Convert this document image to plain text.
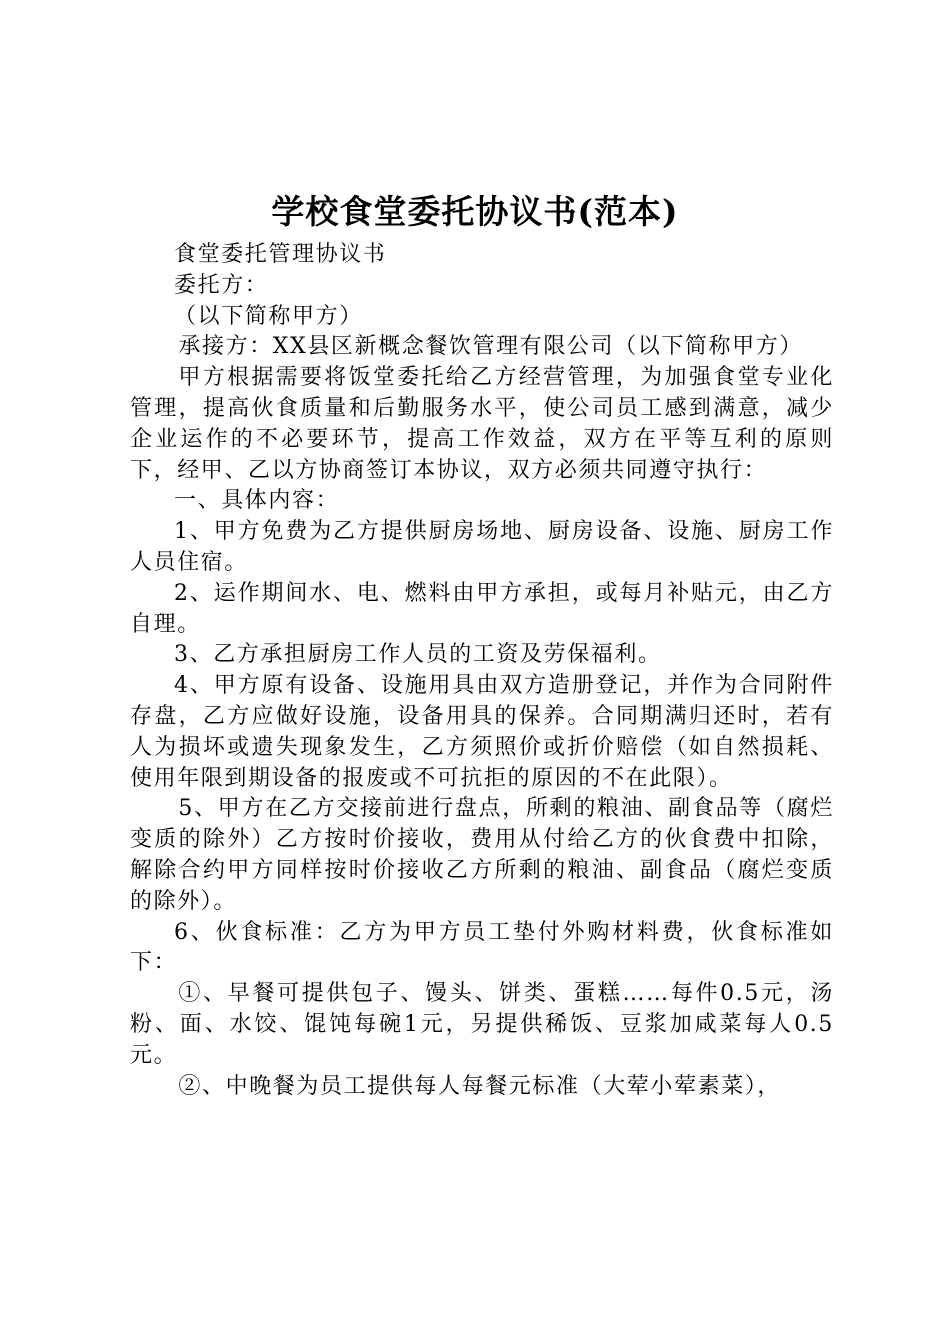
学校食堂委托协议书(范本)

食堂委托管理协议书

委托方：

（以下简称甲方）

承接方：XX县区新概念餐饮管理有限公司（以下简称甲方）

甲方根据需要将饭堂委托给乙方经营管理，为加强食堂专业化管理，提高伙食质量和后勤服务水平，使公司员工感到满意，减少企业运作的不必要环节，提高工作效益，双方在平等互利的原则下，经甲、乙以方协商签订本协议，双方必须共同遵守执行：

一、具体内容：

1、甲方免费为乙方提供厨房场地、厨房设备、设施、厨房工作人员住宿。

2、运作期间水、电、燃料由甲方承担，或每月补贴元，由乙方自理。

3、乙方承担厨房工作人员的工资及劳保福利。

4、甲方原有设备、设施用具由双方造册登记，并作为合同附件存盘，乙方应做好设施，设备用具的保养。合同期满归还时，若有人为损坏或遗失现象发生，乙方须照价或折价赔偿（如自然损耗、使用年限到期设备的报废或不可抗拒的原因的不在此限）。

5、甲方在乙方交接前进行盘点，所剩的粮油、副食品等（腐烂变质的除外）乙方按时价接收，费用从付给乙方的伙食费中扣除，解除合约甲方同样按时价接收乙方所剩的粮油、副食品（腐烂变质的除外）。

6、伙食标准：乙方为甲方员工垫付外购材料费，伙食标准如下：

①、早餐可提供包子、馒头、饼类、蛋糕……每件0.5元，汤粉、面、水饺、馄饨每碗1元，另提供稀饭、豆浆加咸菜每人0.5元。

②、中晚餐为员工提供每人每餐元标准（大荤小荤素菜），
